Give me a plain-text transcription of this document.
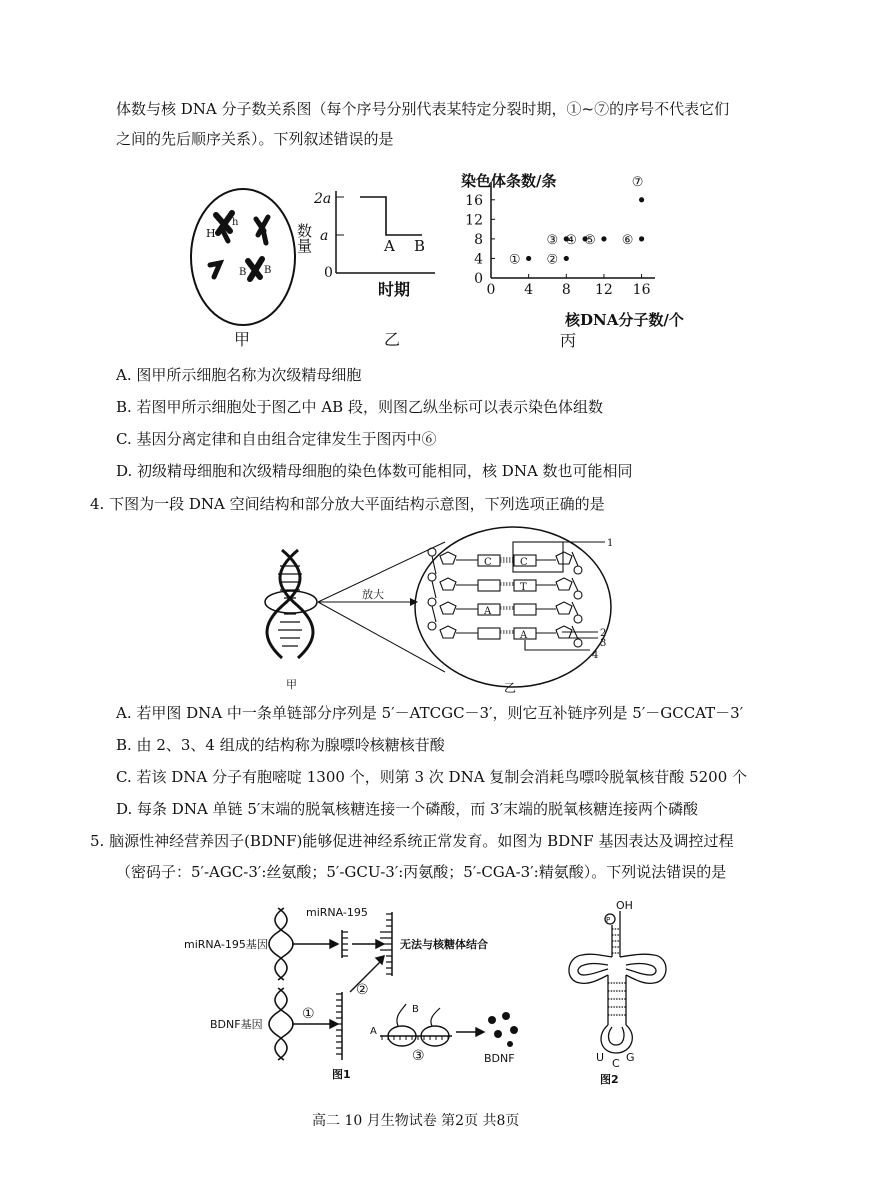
体数与核 DNA 分子数关系图（每个序号分别代表某特定分裂时期，①~⑦的序号不代表它们
之间的先后顺序关系）。下列叙述错误的是
H
h
B B
甲
2a
a
0
数量	A B
时期
乙
染色体条数/条
核DNA分子数/个
丙
0 4 8 12 16
0
4
8
12
16
① ②
③ ④ ⑤ ⑥
⑦
A. 图甲所示细胞名称为次级精母细胞
B. 若图甲所示细胞处于图乙中 AB 段，则图乙纵坐标可以表示染色体组数
C. 基因分离定律和自由组合定律发生于图丙中⑥
D. 初级精母细胞和次级精母细胞的染色体数可能相同，核 DNA 数也可能相同
4. 下图为一段 DNA 空间结构和部分放大平面结构示意图，下列选项正确的是
甲
放大
C	C
T
A
A
1
2
3
4
乙
A. 若甲图 DNA 中一条单链部分序列是 5′－ATCGC－3′，则它互补链序列是 5′－GCCAT－3′
B. 由 2、3、4 组成的结构称为腺嘌呤核糖核苷酸
C. 若该 DNA 分子有胞嘧啶 1300 个，则第 3 次 DNA 复制会消耗鸟嘌呤脱氧核苷酸 5200 个
D. 每条 DNA 单链 5′末端的脱氧核糖连接一个磷酸，而 3′末端的脱氧核糖连接两个磷酸
5. 脑源性神经营养因子(BDNF)能够促进神经系统正常发育。如图为 BDNF 基因表达及调控过程
（密码子：5′-AGC-3′:丝氨酸；5′-GCU-3′:丙氨酸；5′-CGA-3′:精氨酸）。下列说法错误的是
miRNA-195基因
miRNA-195
无法与核糖体结合
BDNF基因
①
②
③
A
B
BDNF
图1
OH
U C G
P
图2
高二 10 月生物试卷 第2页 共8页
